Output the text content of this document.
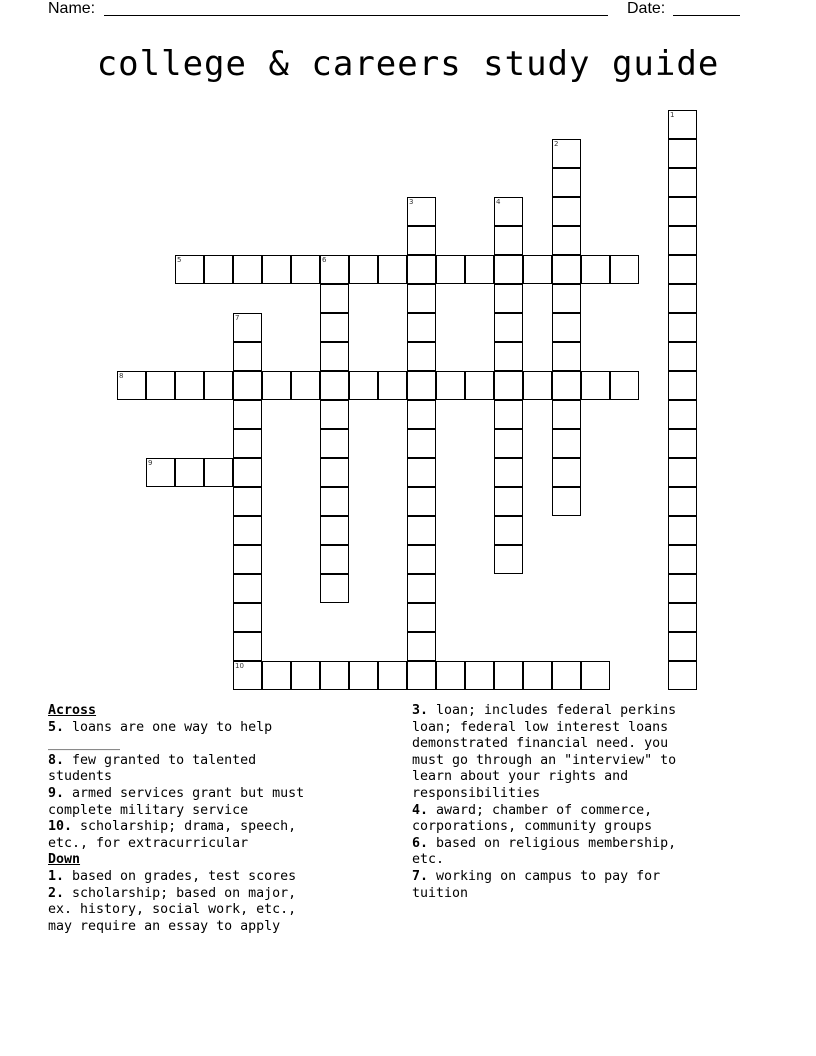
Name:	Date:
college & careers study guide
1
2
3	4
5	6
7
8
9
10
Across
5. loans are one way to help
_________
8. few granted to talented
students
9. armed services grant but must
complete military service
10. scholarship; drama, speech,
etc., for extracurricular
Down
1. based on grades, test scores
2. scholarship; based on major,
ex. history, social work, etc.,
may require an essay to apply
3. loan; includes federal perkins
loan; federal low interest loans
demonstrated financial need. you
must go through an "interview" to
learn about your rights and
responsibilities
4. award; chamber of commerce,
corporations, community groups
6. based on religious membership,
etc.
7. working on campus to pay for
tuition
